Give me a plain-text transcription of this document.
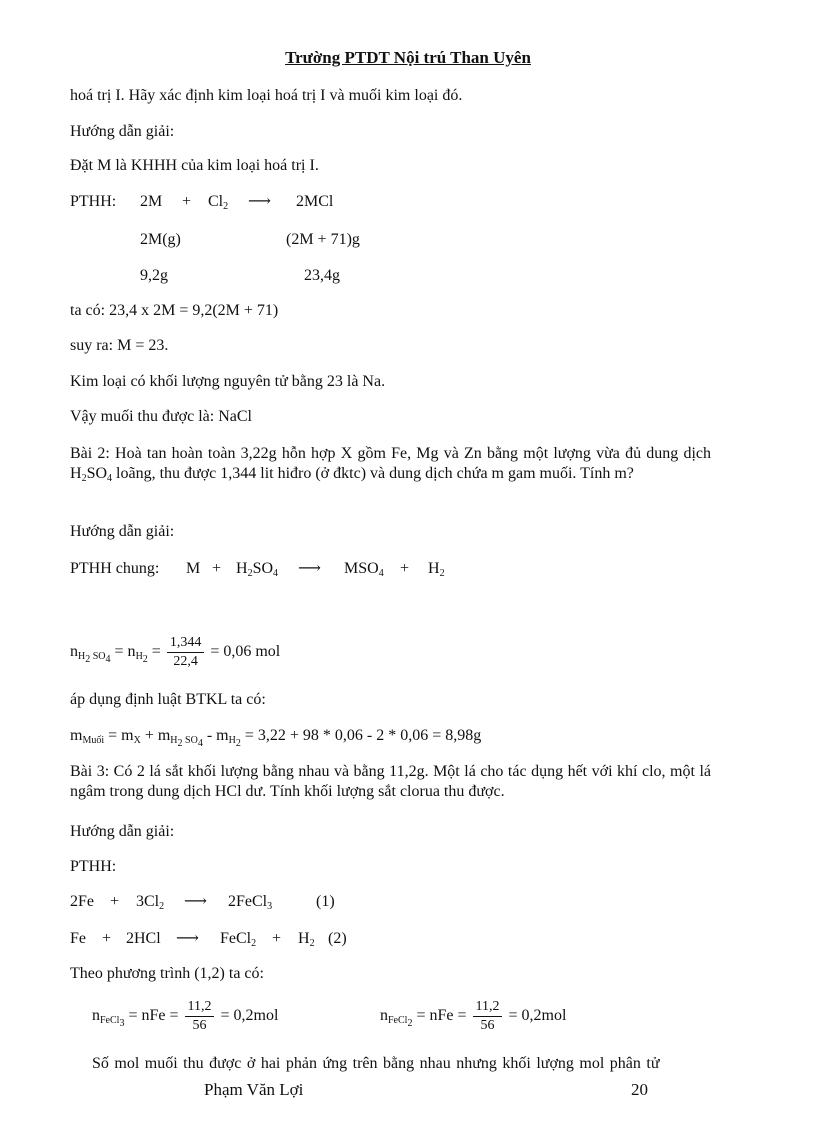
Trường PTDT Nội trú Than Uyên
hoá trị I. Hãy xác định kim loại hoá trị I và muối kim loại đó.
Hướng dẫn giải:
Đặt M là KHHH của kim loại hoá trị I.
PTHH: $2M + Cl_2$ ⟶ 2MCl
2M(g)	(2M + 71)g
9,2g	23,4g
ta có: 23,4 x 2M = 9,2(2M + 71)
suy ra: M = 23.
Kim loại có khối lượng nguyên tử bằng 23 là Na.
Vậy muối thu được là: NaCl
Bài 2: Hoà tan hoàn toàn 3,22g hỗn hợp X gồm Fe, Mg và Zn bằng một lượng vừa đủ dung dịch $H_2SO_4$ loãng, thu được 1,344 lit hiđro (ở đktc) và dung dịch chứa m gam muối. Tính m?
Hướng dẫn giải:
PTHH chung: $M + H_2SO_4$ ⟶ $MSO_4 + H_2$
$n_{H_2 SO_4} = n_{H_2} = \frac{1,344}{22,4} = 0,06$ mol
áp dụng định luật BTKL ta có:
$m_{Muối} = m_X + m_{H_2 SO_4} - m_{H_2} = 3,22 + 98 * 0,06 - 2 * 0,06 = 8,98g$
Bài 3: Có 2 lá sắt khối lượng bằng nhau và bằng 11,2g. Một lá cho tác dụng hết với khí clo, một lá ngâm trong dung dịch HCl dư. Tính khối lượng sắt clorua thu được.
Hướng dẫn giải:
PTHH:
$2Fe + 3Cl_2$ ⟶ 2FeCl$_3$	(1)
Fe + 2HCl ⟶ FeCl$_2$ + $H_2$ (2)
Theo phương trình (1,2) ta có:
$n_{FeCl_3}$ = nFe = $\frac{11,2}{56} = 0,2mol$	$n_{FeCl_2}$ = nFe = $\frac{11,2}{56} = 0,2mol$
Số mol muối thu được ở hai phản ứng trên bằng nhau nhưng khối lượng mol phân tử
Phạm Văn Lợi	20
